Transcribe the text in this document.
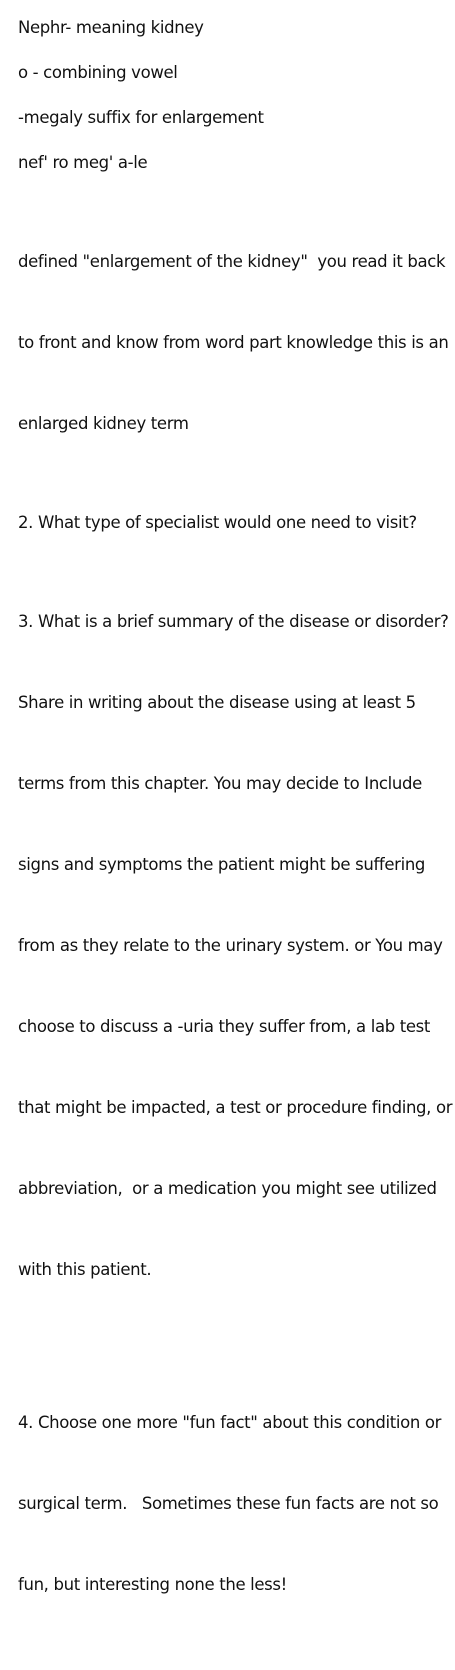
Nephr- meaning kidney

o - combining vowel

-megaly suffix for enlargement

nef' ro meg' a-le

defined "enlargement of the kidney"  you read it back

to front and know from word part knowledge this is an

enlarged kidney term

2. What type of specialist would one need to visit?

3. What is a brief summary of the disease or disorder?

Share in writing about the disease using at least 5

terms from this chapter. You may decide to Include

signs and symptoms the patient might be suffering

from as they relate to the urinary system. or You may

choose to discuss a -uria they suffer from, a lab test

that might be impacted, a test or procedure finding, or

abbreviation,  or a medication you might see utilized

with this patient.

4. Choose one more "fun fact" about this condition or

surgical term.   Sometimes these fun facts are not so

fun, but interesting none the less!
